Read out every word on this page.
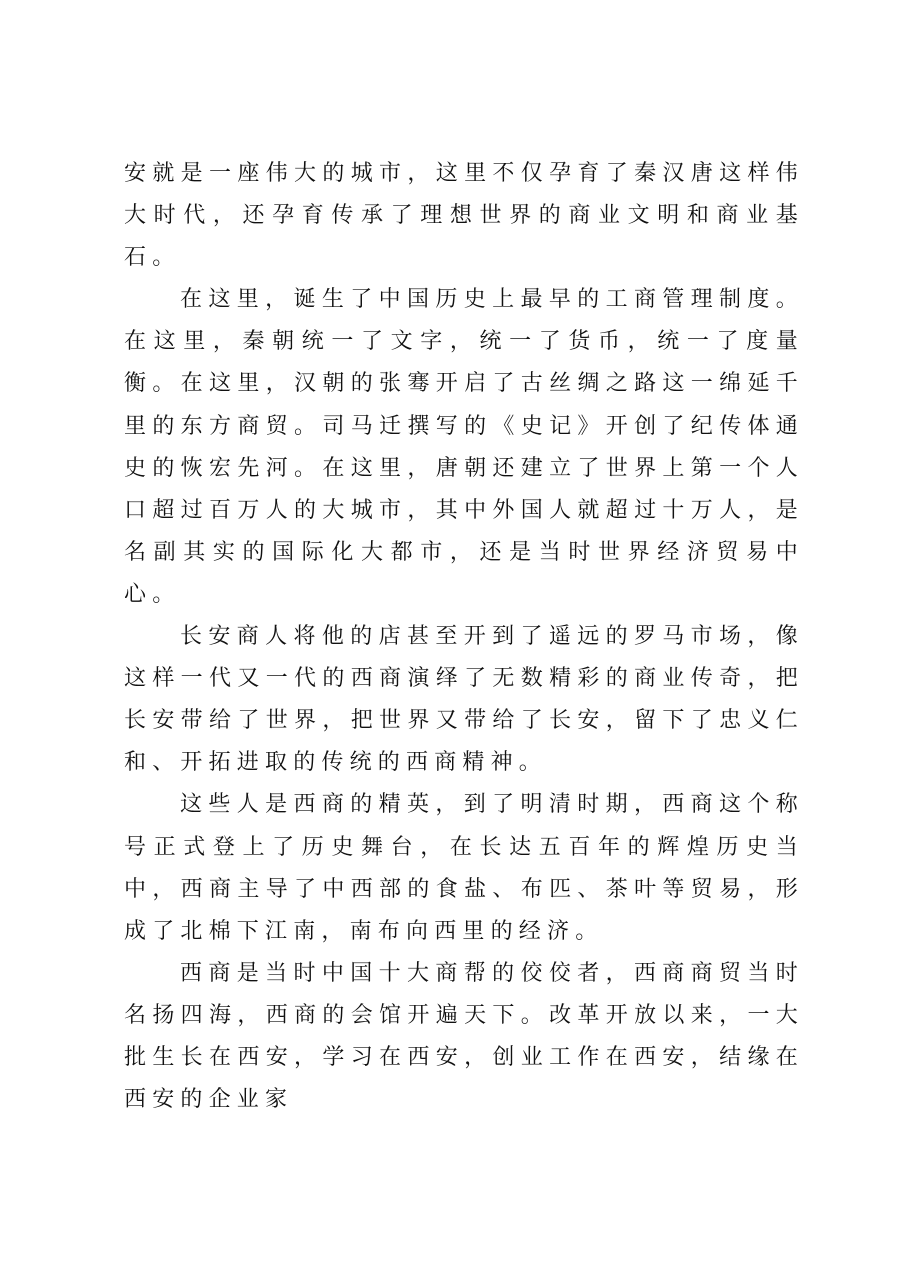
安就是一座伟大的城市，这里不仅孕育了秦汉唐这样伟大时代，还孕育传承了理想世界的商业文明和商业基石。

在这里，诞生了中国历史上最早的工商管理制度。在这里，秦朝统一了文字，统一了货币，统一了度量衡。在这里，汉朝的张骞开启了古丝绸之路这一绵延千里的东方商贸。司马迁撰写的《史记》开创了纪传体通史的恢宏先河。在这里，唐朝还建立了世界上第一个人口超过百万人的大城市，其中外国人就超过十万人，是名副其实的国际化大都市，还是当时世界经济贸易中心。

长安商人将他的店甚至开到了遥远的罗马市场，像这样一代又一代的西商演绎了无数精彩的商业传奇，把长安带给了世界，把世界又带给了长安，留下了忠义仁和、开拓进取的传统的西商精神。

这些人是西商的精英，到了明清时期，西商这个称号正式登上了历史舞台，在长达五百年的辉煌历史当中，西商主导了中西部的食盐、布匹、茶叶等贸易，形成了北棉下江南，南布向西里的经济。

西商是当时中国十大商帮的佼佼者，西商商贸当时名扬四海，西商的会馆开遍天下。改革开放以来，一大批生长在西安，学习在西安，创业工作在西安，结缘在西安的企业家
